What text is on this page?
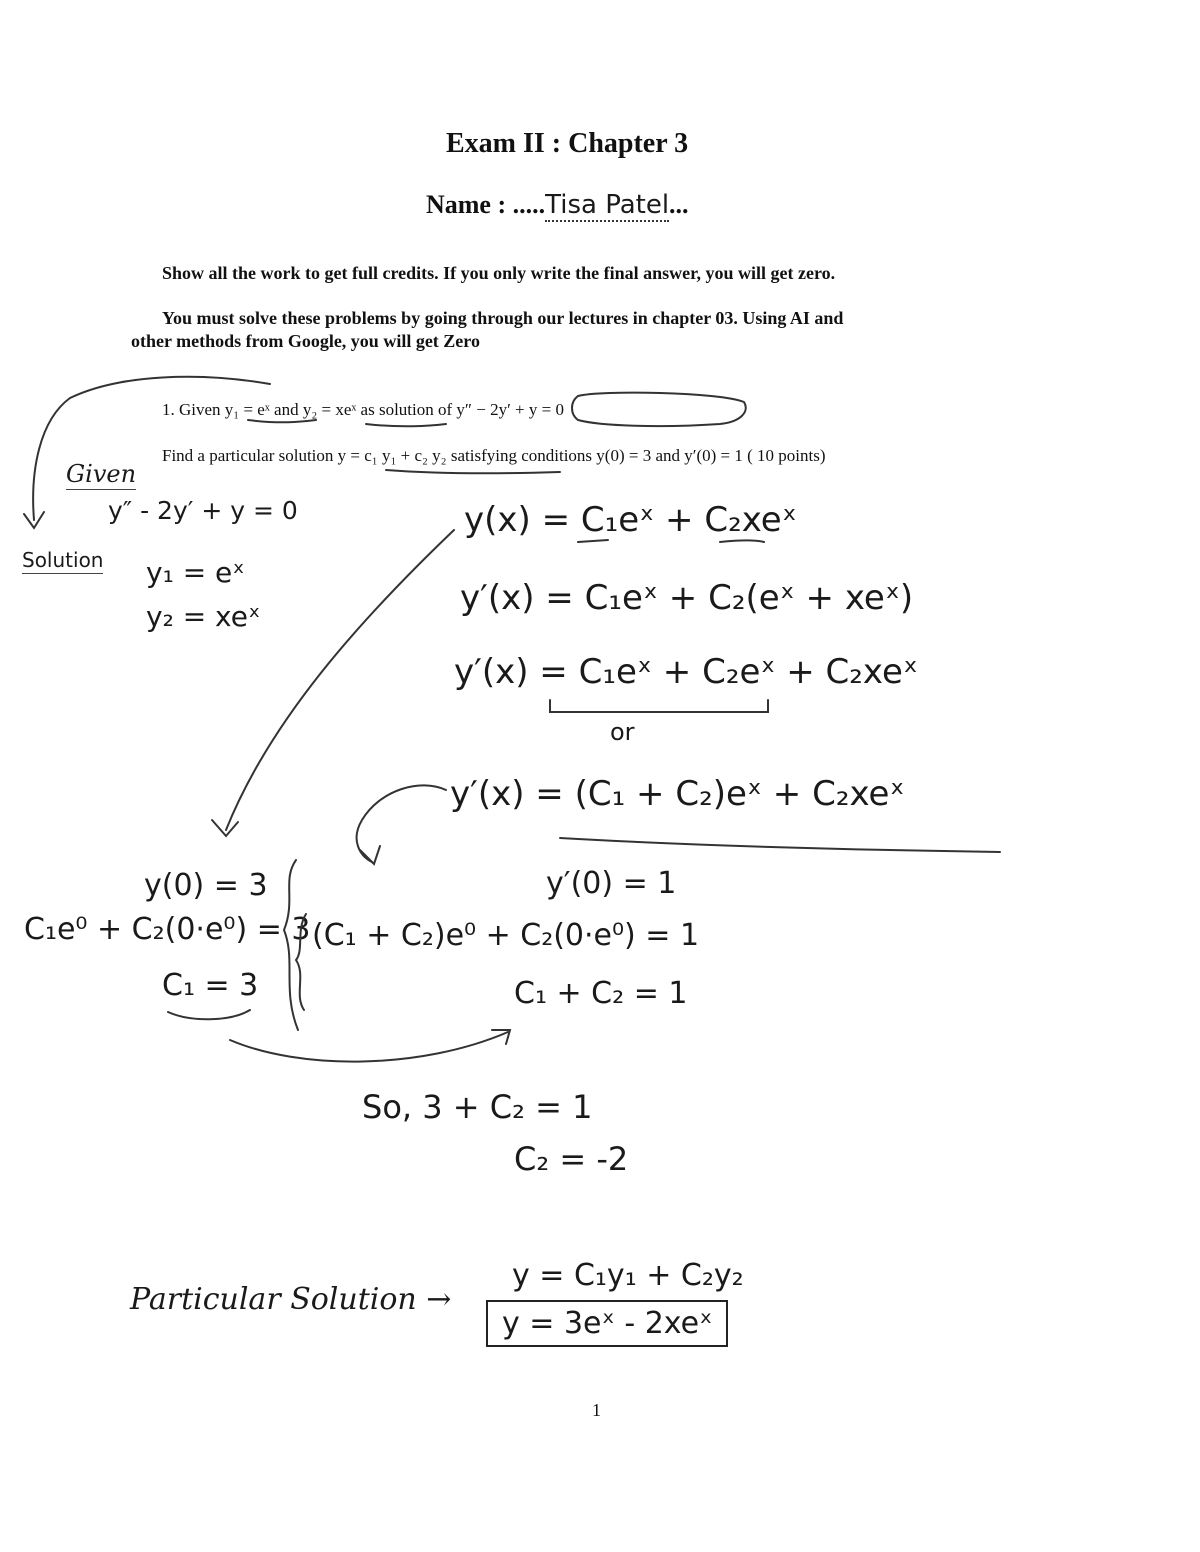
Exam II : Chapter 3
Name : .....Tisa Patel...
Show all the work to get full credits. If you only write the final answer, you will get zero.
You must solve these problems by going through our lectures in chapter 03. Using AI and
other methods from Google, you will get Zero
1. Given y₁ = eˣ and y₂ = xeˣ as solution of y″ − 2y′ + y = 0
Find a particular solution y = c₁ y₁ + c₂ y₂ satisfying conditions y(0) = 3 and y′(0) = 1 ( 10 points)
Given
y″ - 2y′ + y = 0
Solution y₁ = eˣ
y₂ = xeˣ
y(x) = C₁eˣ + C₂xeˣ
y′(x) = C₁eˣ + C₂(eˣ + xeˣ)
y′(x) = C₁eˣ + C₂eˣ + C₂xeˣ
or
y′(x) = (C₁ + C₂)eˣ + C₂xeˣ
y(0) = 3
C₁e⁰ + C₂(0·e⁰) = 3
C₁ = 3
y′(0) = 1
(C₁ + C₂)e⁰ + C₂(0·e⁰) = 1
C₁ + C₂ = 1
So, 3 + C₂ = 1
C₂ = -2
Particular Solution →
y = C₁y₁ + C₂y₂
y = 3eˣ - 2xeˣ
1
